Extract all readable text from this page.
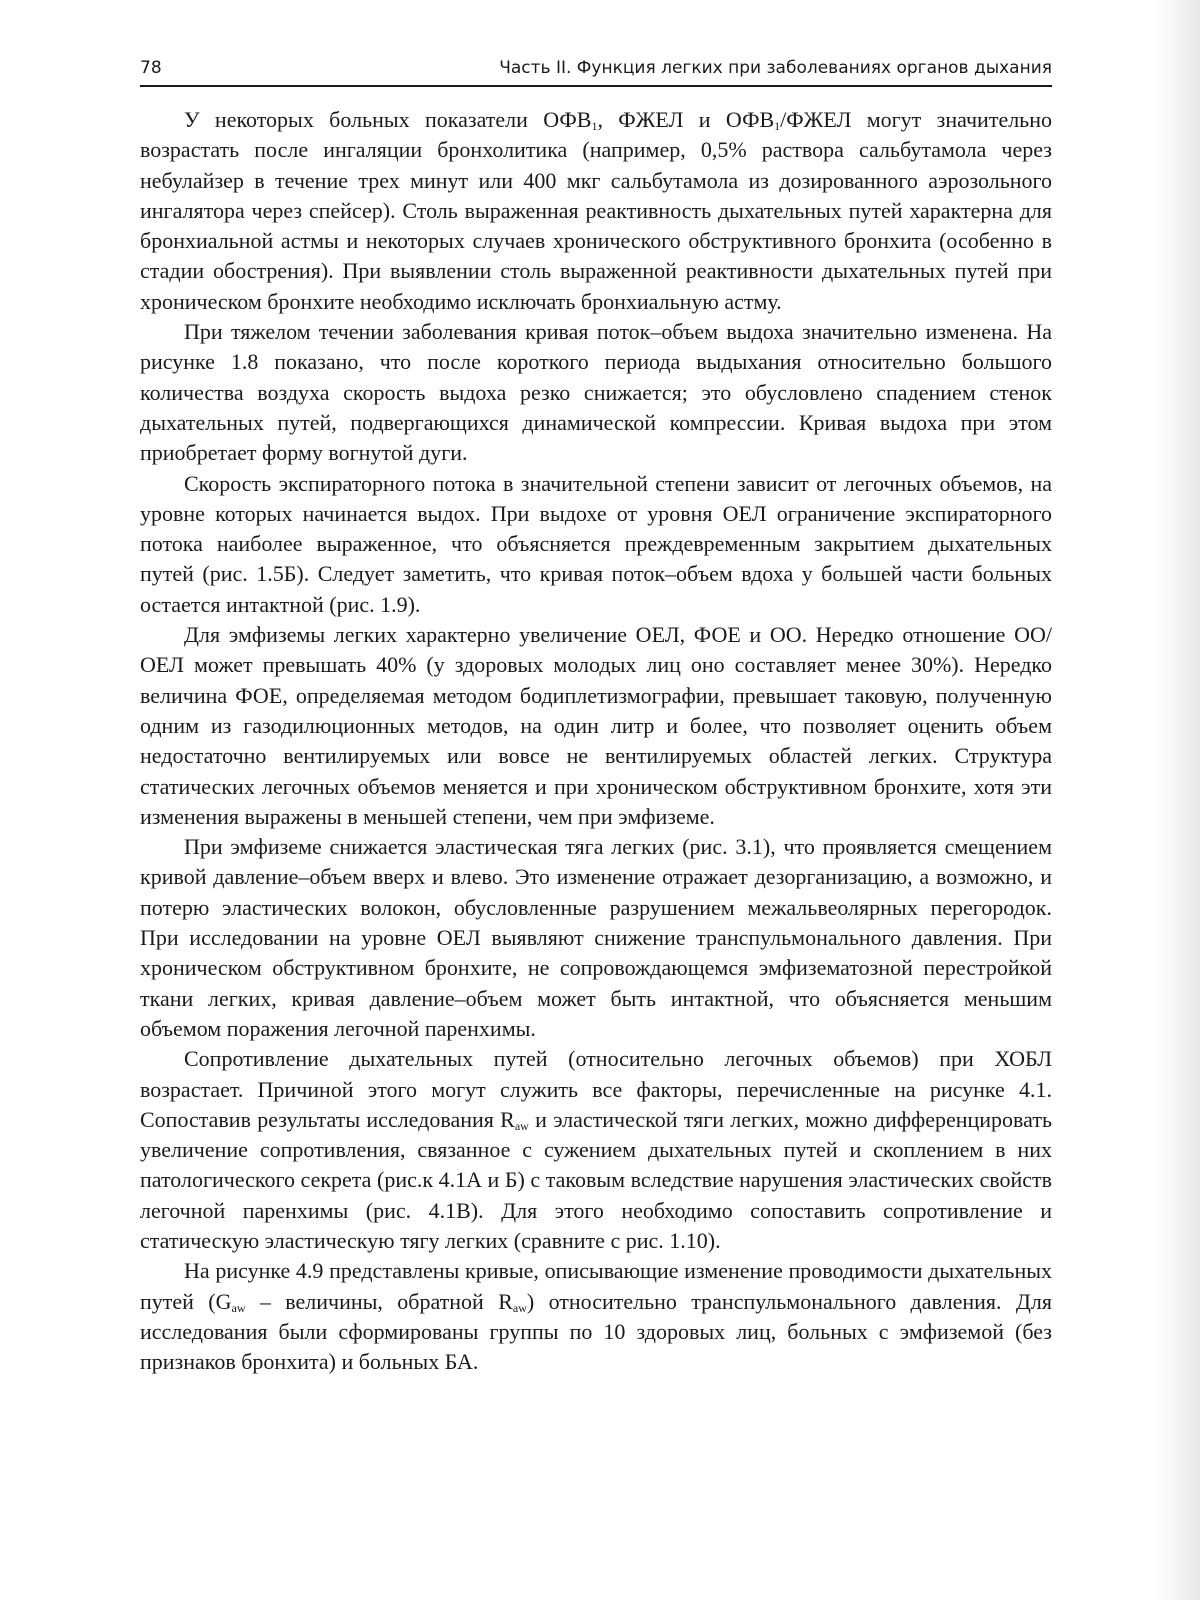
78	Часть II. Функция легких при заболеваниях органов дыхания

У некоторых больных показатели $ОФВ_1$, ФЖЕЛ и $ОФВ_1$/ФЖЕЛ могут значительно возрастать после ингаляции бронхолитика (например, 0,5% раствора сальбутамола через небулайзер в течение трех минут или 400 мкг сальбутамола из дозированного аэрозольного ингалятора через спейсер). Столь выраженная реактивность дыхательных путей характерна для бронхиальной астмы и некоторых случаев хронического обструктивного бронхита (особенно в стадии обострения). При выявлении столь выраженной реактивности дыхательных путей при хроническом бронхите необходимо исключать бронхиальную астму.

При тяжелом течении заболевания кривая поток–объем выдоха значительно изменена. На рисунке 1.8 показано, что после короткого периода выдыхания относительно большого количества воздуха скорость выдоха резко снижается; это обусловлено спадением стенок дыхательных путей, подвергающихся динамической компрессии. Кривая выдоха при этом приобретает форму вогнутой дуги.

Скорость экспираторного потока в значительной степени зависит от легочных объемов, на уровне которых начинается выдох. При выдохе от уровня ОЕЛ ограничение экспираторного потока наиболее выраженное, что объясняется преждевременным закрытием дыхательных путей (рис. 1.5Б). Следует заметить, что кривая поток–объем вдоха у большей части больных остается интактной (рис. 1.9).

Для эмфиземы легких характерно увеличение ОЕЛ, ФОЕ и ОО. Нередко отношение ОО/ОЕЛ может превышать 40% (у здоровых молодых лиц оно составляет менее 30%). Нередко величина ФОЕ, определяемая методом бодиплетизмографии, превышает таковую, полученную одним из газодилюционных методов, на один литр и более, что позволяет оценить объем недостаточно вентилируемых или вовсе не вентилируемых областей легких. Структура статических легочных объемов меняется и при хроническом обструктивном бронхите, хотя эти изменения выражены в меньшей степени, чем при эмфиземе.

При эмфиземе снижается эластическая тяга легких (рис. 3.1), что проявляется смещением кривой давление–объем вверх и влево. Это изменение отражает дезорганизацию, а возможно, и потерю эластических волокон, обусловленные разрушением межальвеолярных перегородок. При исследовании на уровне ОЕЛ выявляют снижение транспульмонального давления. При хроническом обструктивном бронхите, не сопровождающемся эмфизематозной перестройкой ткани легких, кривая давление–объем может быть интактной, что объясняется меньшим объемом поражения легочной паренхимы.

Сопротивление дыхательных путей (относительно легочных объемов) при ХОБЛ возрастает. Причиной этого могут служить все факторы, перечисленные на рисунке 4.1. Сопоставив результаты исследования $R_{aw}$ и эластической тяги легких, можно дифференцировать увеличение сопротивления, связанное с сужением дыхательных путей и скоплением в них патологического секрета (рис.к 4.1А и Б) с таковым вследствие нарушения эластических свойств легочной паренхимы (рис. 4.1В). Для этого необходимо сопоставить сопротивление и статическую эластическую тягу легких (сравните с рис. 1.10).

На рисунке 4.9 представлены кривые, описывающие изменение проводимости дыхательных путей ($G_{aw}$ – величины, обратной $R_{aw}$) относительно транспульмонального давления. Для исследования были сформированы группы по 10 здоровых лиц, больных с эмфиземой (без признаков бронхита) и больных БА.
